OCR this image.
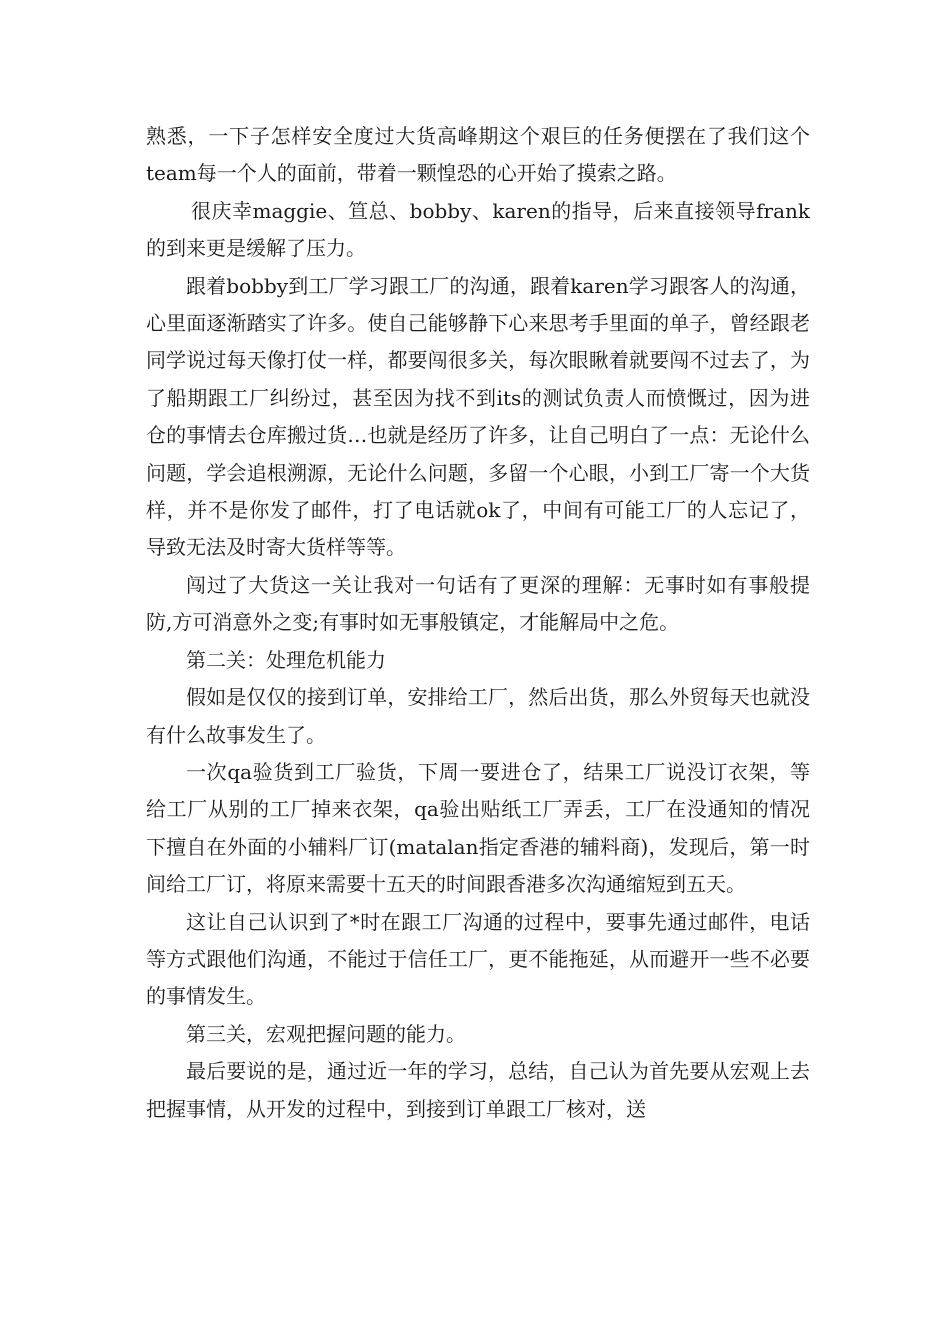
熟悉，一下子怎样安全度过大货高峰期这个艰巨的任务便摆在了我们这个team每一个人的面前，带着一颗惶恐的心开始了摸索之路。

很庆幸maggie、笪总、bobby、karen的指导，后来直接领导frank的到来更是缓解了压力。

跟着bobby到工厂学习跟工厂的沟通，跟着karen学习跟客人的沟通，心里面逐渐踏实了许多。使自己能够静下心来思考手里面的单子，曾经跟老同学说过每天像打仗一样，都要闯很多关，每次眼瞅着就要闯不过去了，为了船期跟工厂纠纷过，甚至因为找不到its的测试负责人而愤慨过，因为进仓的事情去仓库搬过货…也就是经历了许多，让自己明白了一点：无论什么问题，学会追根溯源，无论什么问题，多留一个心眼，小到工厂寄一个大货样，并不是你发了邮件，打了电话就ok了，中间有可能工厂的人忘记了，导致无法及时寄大货样等等。

闯过了大货这一关让我对一句话有了更深的理解：无事时如有事般提防,方可消意外之变;有事时如无事般镇定，才能解局中之危。

第二关：处理危机能力

假如是仅仅的接到订单，安排给工厂，然后出货，那么外贸每天也就没有什么故事发生了。

一次qa验货到工厂验货，下周一要进仓了，结果工厂说没订衣架，等给工厂从别的工厂掉来衣架，qa验出贴纸工厂弄丢，工厂在没通知的情况下擅自在外面的小辅料厂订(matalan指定香港的辅料商)，发现后，第一时间给工厂订，将原来需要十五天的时间跟香港多次沟通缩短到五天。

这让自己认识到了*时在跟工厂沟通的过程中，要事先通过邮件，电话等方式跟他们沟通，不能过于信任工厂，更不能拖延，从而避开一些不必要的事情发生。

第三关，宏观把握问题的能力。

最后要说的是，通过近一年的学习，总结，自己认为首先要从宏观上去把握事情，从开发的过程中，到接到订单跟工厂核对，送
